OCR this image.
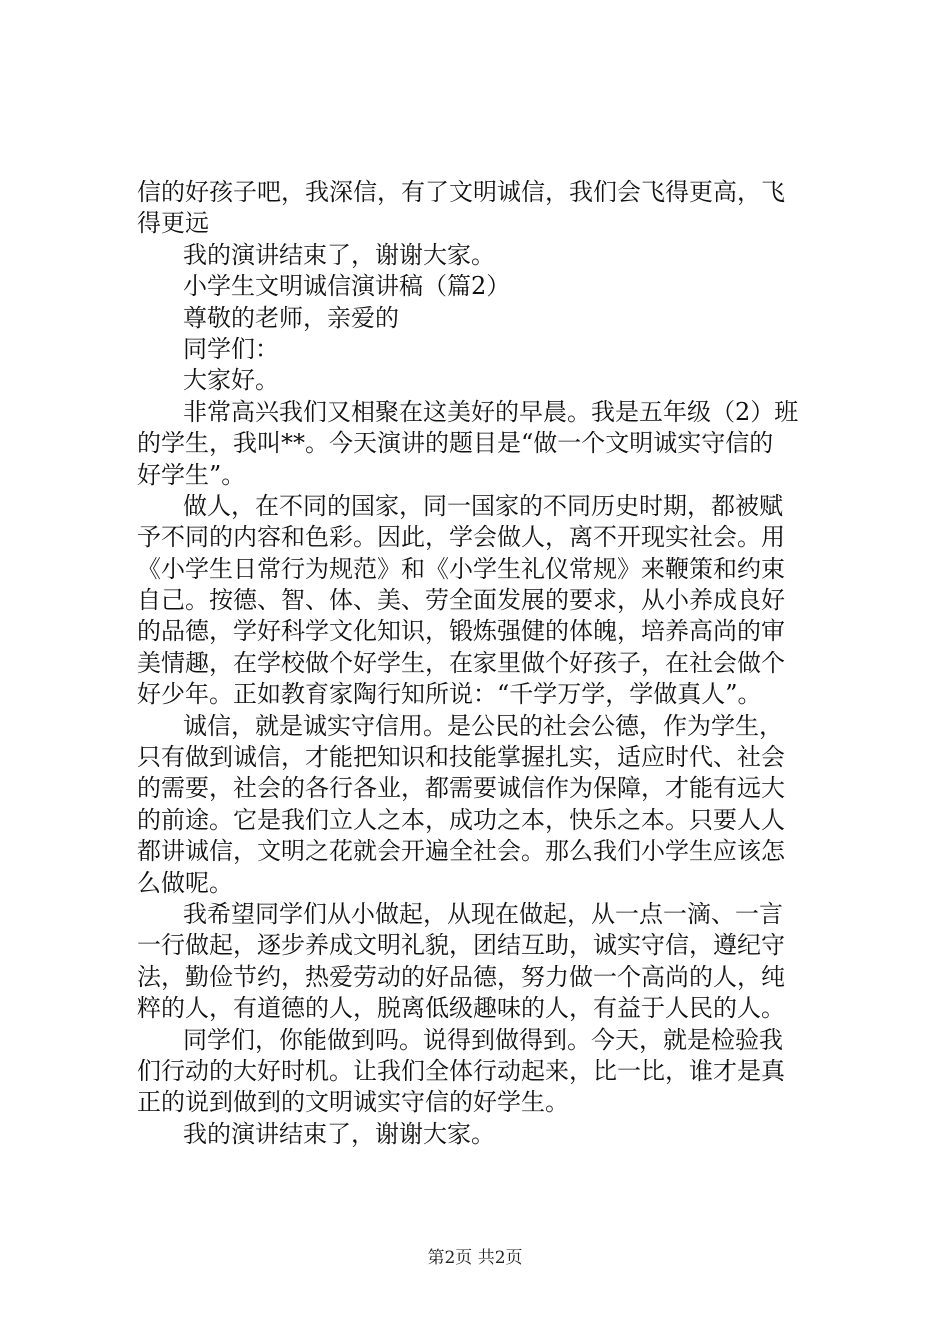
信的好孩子吧，我深信，有了文明诚信，我们会飞得更高，飞
得更远
我的演讲结束了，谢谢大家。
小学生文明诚信演讲稿（篇2）
尊敬的老师，亲爱的
同学们：
大家好。
非常高兴我们又相聚在这美好的早晨。我是五年级（2）班
的学生，我叫**。今天演讲的题目是“做一个文明诚实守信的
好学生”。
做人，在不同的国家，同一国家的不同历史时期，都被赋
予不同的内容和色彩。因此，学会做人，离不开现实社会。用
《小学生日常行为规范》和《小学生礼仪常规》来鞭策和约束
自己。按德、智、体、美、劳全面发展的要求，从小养成良好
的品德，学好科学文化知识，锻炼强健的体魄，培养高尚的审
美情趣，在学校做个好学生，在家里做个好孩子，在社会做个
好少年。正如教育家陶行知所说：“千学万学，学做真人”。
诚信，就是诚实守信用。是公民的社会公德，作为学生，
只有做到诚信，才能把知识和技能掌握扎实，适应时代、社会
的需要，社会的各行各业，都需要诚信作为保障，才能有远大
的前途。它是我们立人之本，成功之本，快乐之本。只要人人
都讲诚信，文明之花就会开遍全社会。那么我们小学生应该怎
么做呢。
我希望同学们从小做起，从现在做起，从一点一滴、一言
一行做起，逐步养成文明礼貌，团结互助，诚实守信，遵纪守
法，勤俭节约，热爱劳动的好品德，努力做一个高尚的人，纯
粹的人，有道德的人，脱离低级趣味的人，有益于人民的人。
同学们，你能做到吗。说得到做得到。今天，就是检验我
们行动的大好时机。让我们全体行动起来，比一比，谁才是真
正的说到做到的文明诚实守信的好学生。
我的演讲结束了，谢谢大家。
第2页 共2页
